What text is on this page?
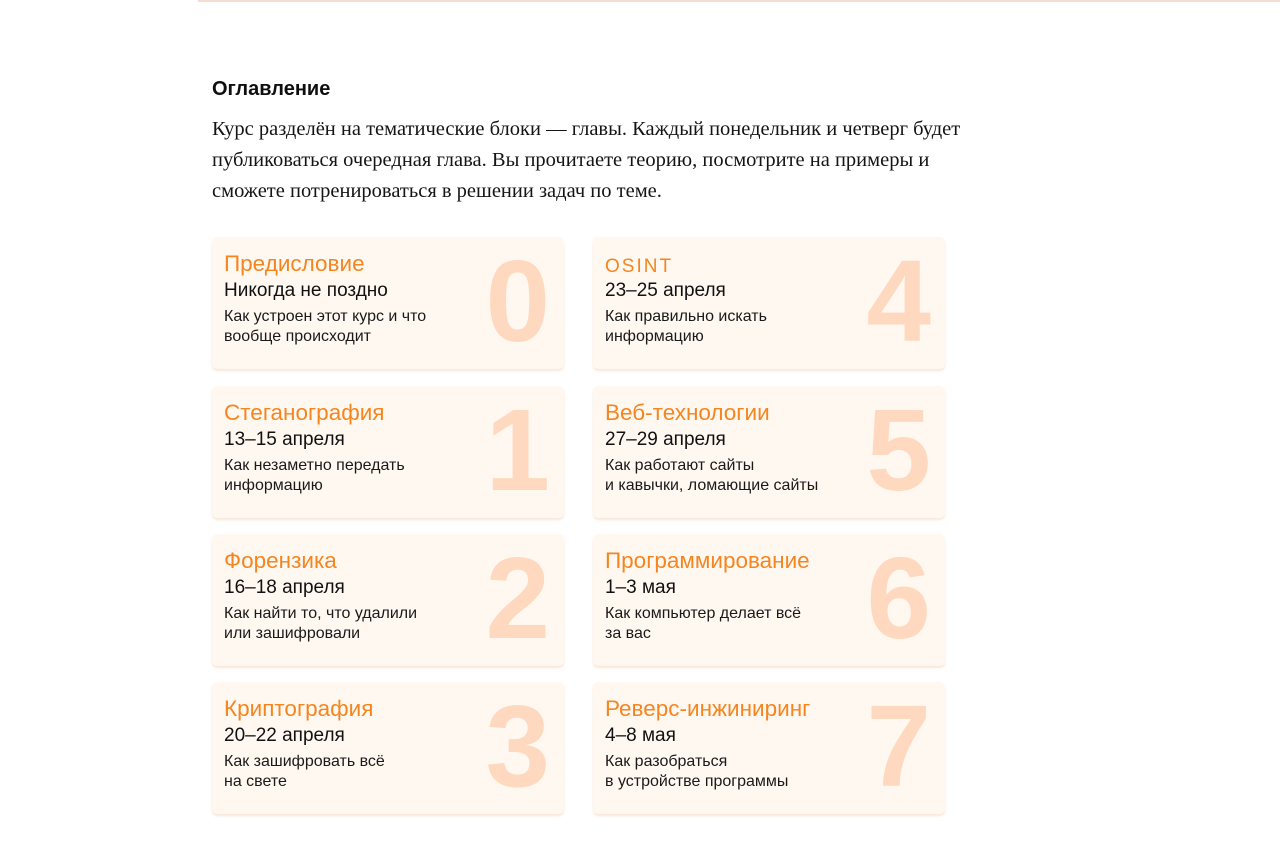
Оглавление

Курс разделён на тематические блоки — главы. Каждый понедельник и четверг будет публиковаться очередная глава. Вы прочитаете теорию, посмотрите на примеры и сможете потренироваться в решении задач по теме.

0
Предисловие
Никогда не поздно
Как устроен этот курс и что
вообще происходит
1
Стеганография
13–15 апреля
Как незаметно передать
информацию
2
Форензика
16–18 апреля
Как найти то, что удалили
или зашифровали
3
Криптография
20–22 апреля
Как зашифровать всё
на свете
4
OSINT
23–25 апреля
Как правильно искать
информацию
5
Веб-технологии
27–29 апреля
Как работают сайты
и кавычки, ломающие сайты
6
Программирование
1–3 мая
Как компьютер делает всё
за вас
7
Реверс-инжиниринг
4–8 мая
Как разобраться
в устройстве программы
